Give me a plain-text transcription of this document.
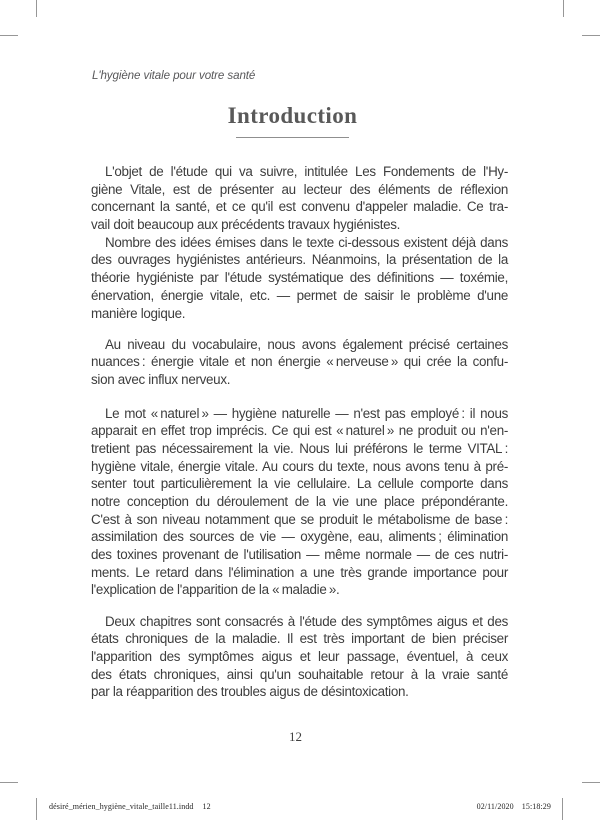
L'hygiène vitale pour votre santé
Introduction
L'objet de l'étude qui va suivre, intitulée Les Fondements de l'Hy-
giène Vitale, est de présenter au lecteur des éléments de réflexion
concernant la santé, et ce qu'il est convenu d'appeler maladie. Ce tra-
vail doit beaucoup aux précédents travaux hygiénistes.
Nombre des idées émises dans le texte ci-dessous existent déjà dans
des ouvrages hygiénistes antérieurs. Néanmoins, la présentation de la
théorie hygiéniste par l'étude systématique des définitions — toxémie,
énervation, énergie vitale, etc. — permet de saisir le problème d'une
manière logique.
Au niveau du vocabulaire, nous avons également précisé certaines
nuances : énergie vitale et non énergie « nerveuse » qui crée la confu-
sion avec influx nerveux.
Le mot « naturel » — hygiène naturelle — n'est pas employé : il nous
apparait en effet trop imprécis. Ce qui est « naturel » ne produit ou n'en-
tretient pas nécessairement la vie. Nous lui préférons le terme VITAL :
hygiène vitale, énergie vitale. Au cours du texte, nous avons tenu à pré-
senter tout particulièrement la vie cellulaire. La cellule comporte dans
notre conception du déroulement de la vie une place prépondérante.
C'est à son niveau notamment que se produit le métabolisme de base :
assimilation des sources de vie — oxygène, eau, aliments ; élimination
des toxines provenant de l'utilisation — même normale — de ces nutri-
ments. Le retard dans l'élimination a une très grande importance pour
l'explication de l'apparition de la « maladie ».
Deux chapitres sont consacrés à l'étude des symptômes aigus et des
états chroniques de la maladie. Il est très important de bien préciser
l'apparition des symptômes aigus et leur passage, éventuel, à ceux
des états chroniques, ainsi qu'un souhaitable retour à la vraie santé
par la réapparition des troubles aigus de désintoxication.
12
désiré_mérien_hygiène_vitale_taille11.indd 12	02/11/2020 15:18:29
